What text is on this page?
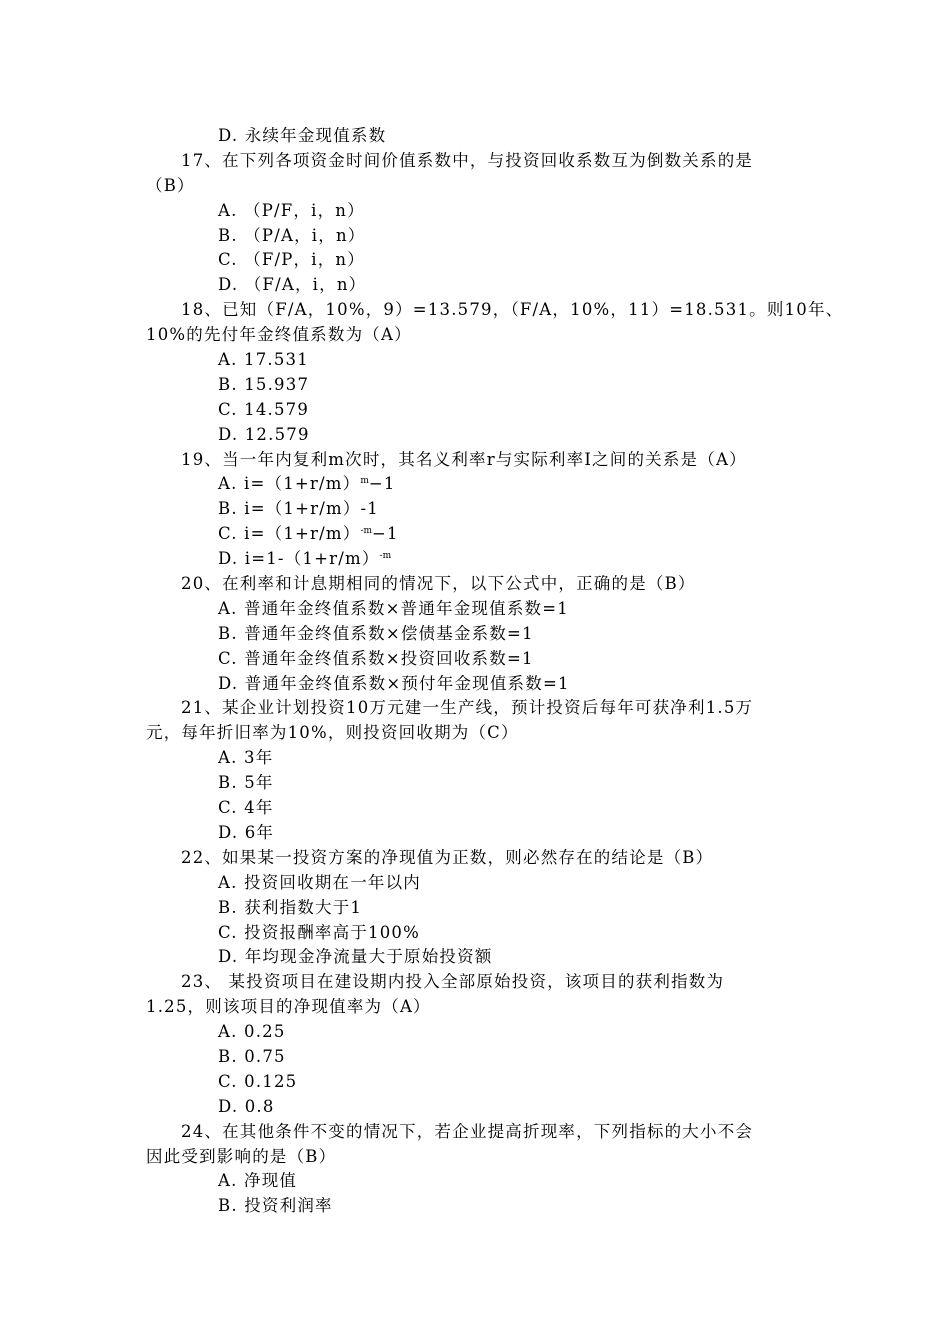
D. 永续年金现值系数
17、在下列各项资金时间价值系数中，与投资回收系数互为倒数关系的是
（B）
A. （P/F，i，n）
B. （P/A，i，n）
C. （F/P，i，n）
D. （F/A，i，n）
18、已知（F/A，10%，9）=13.579，（F/A，10%，11）=18.531。则10年、
10%的先付年金终值系数为（A）
A. 17.531
B. 15.937
C. 14.579
D. 12.579
19、当一年内复利m次时，其名义利率r与实际利率I之间的关系是（A）
A. $i=(1+r/m)^m-1$
B. i=（1+r/m）-1
C. $i=(1+r/m)^{-m}-1$
D. $i=1-(1+r/m)^{-m}$
20、在利率和计息期相同的情况下，以下公式中，正确的是（B）
A. 普通年金终值系数×普通年金现值系数=1
B. 普通年金终值系数×偿债基金系数=1
C. 普通年金终值系数×投资回收系数=1
D. 普通年金终值系数×预付年金现值系数=1
21、某企业计划投资10万元建一生产线，预计投资后每年可获净利1.5万
元，每年折旧率为10%，则投资回收期为（C）
A. 3年
B. 5年
C. 4年
D. 6年
22、如果某一投资方案的净现值为正数，则必然存在的结论是（B）
A. 投资回收期在一年以内
B. 获利指数大于1
C. 投资报酬率高于100%
D. 年均现金净流量大于原始投资额
23、 某投资项目在建设期内投入全部原始投资，该项目的获利指数为
1.25，则该项目的净现值率为（A）
A. 0.25
B. 0.75
C. 0.125
D. 0.8
24、在其他条件不变的情况下，若企业提高折现率，下列指标的大小不会
因此受到影响的是（B）
A. 净现值
B. 投资利润率
